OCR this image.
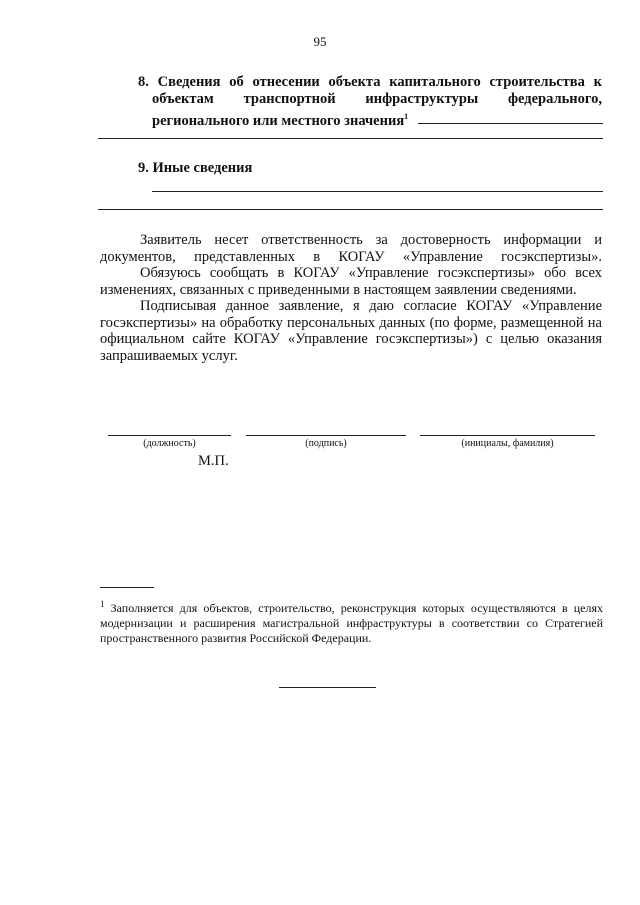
95
8. Сведения об отнесении объекта капитального строительства к
объектам транспортной инфраструктуры федерального,
регионального или местного значения$^1$
9. Иные сведения

Заявитель несет ответственность за достоверность информации и документов, представленных в КОГАУ «Управление госэкспертизы».

Обязуюсь сообщать в КОГАУ «Управление госэкспертизы» обо всех изменениях, связанных с приведенными в настоящем заявлении сведениями.

Подписывая данное заявление, я даю согласие КОГАУ «Управление госэкспертизы» на обработку персональных данных (по форме, размещенной на официальном сайте КОГАУ «Управление госэкспертизы») с целью оказания запрашиваемых услуг.

(должность)	(подпись)	(инициалы, фамилия)
М.П.
$^1$ Заполняется для объектов, строительство, реконструкция которых осуществляются в целях модернизации и расширения магистральной инфраструктуры в соответствии со Стратегией пространственного развития Российской Федерации.
